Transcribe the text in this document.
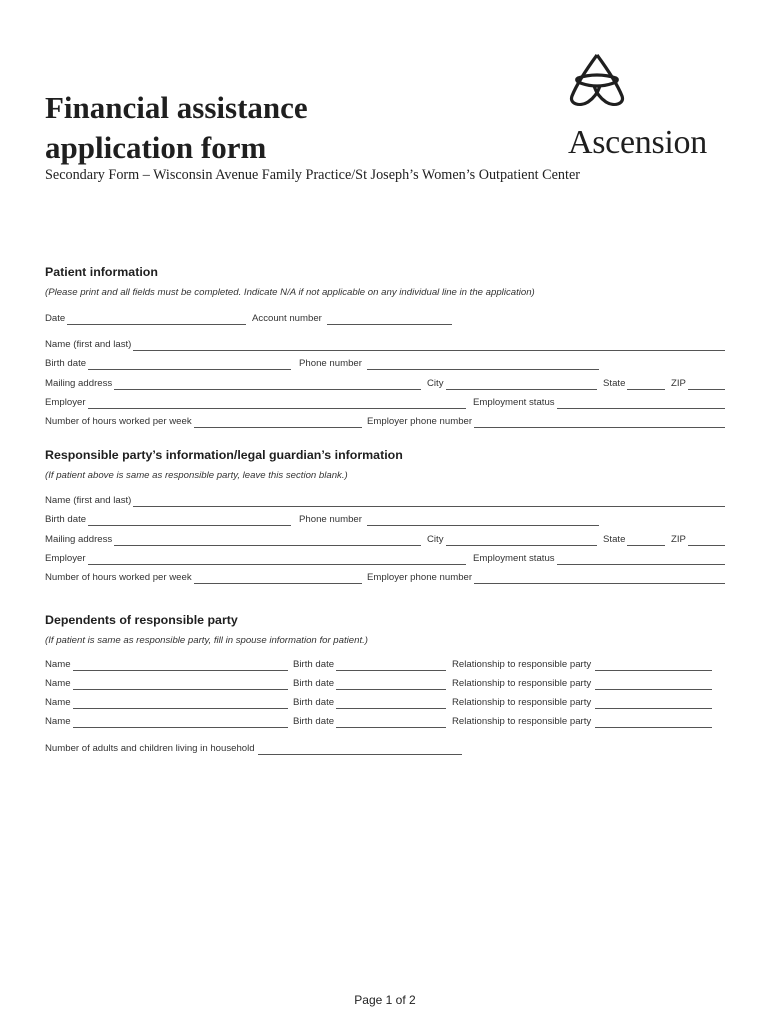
Financial assistance
application form	Ascension
Secondary Form – Wisconsin Avenue Family Practice/St Joseph’s Women’s Outpatient Center
Patient information
(Please print and all fields must be completed. Indicate N/A if not applicable on any individual line in the application)
Date	Account number
Name (first and last)
Birth date	Phone number
Mailing address	City	State	ZIP
Employer	Employment status
Number of hours worked per week	Employer phone number
Responsible party’s information/legal guardian’s information
(If patient above is same as responsible party, leave this section blank.)
Name (first and last)
Birth date	Phone number
Mailing address	City	State	ZIP
Employer	Employment status
Number of hours worked per week	Employer phone number
Dependents of responsible party
(If patient is same as responsible party, fill in spouse information for patient.)
Name	Birth date	Relationship to responsible party
Name	Birth date	Relationship to responsible party
Name	Birth date	Relationship to responsible party
Name	Birth date	Relationship to responsible party
Number of adults and children living in household
Page 1 of 2
